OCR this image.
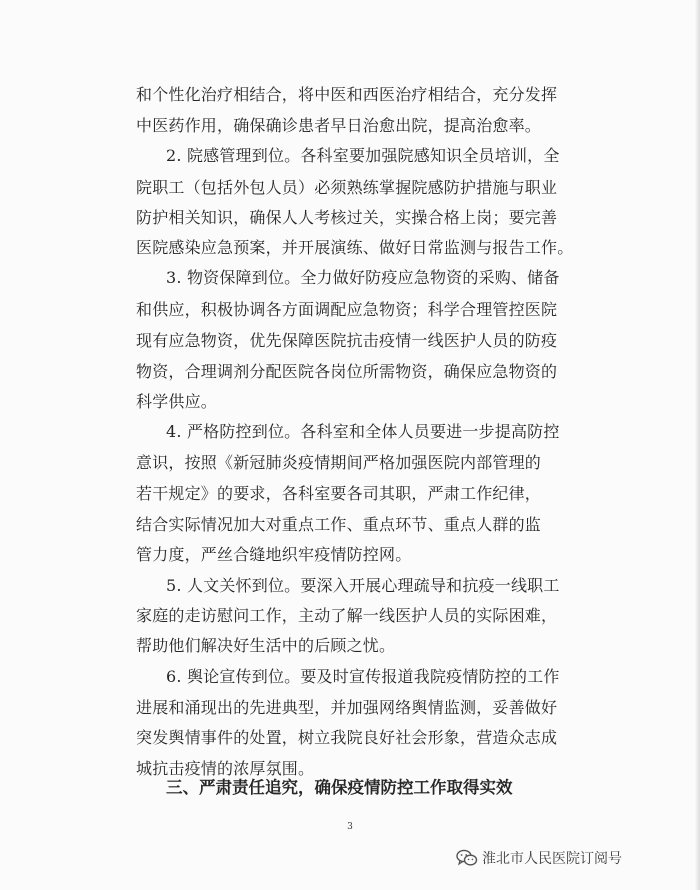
和个性化治疗相结合，将中医和西医治疗相结合，充分发挥
中医药作用，确保确诊患者早日治愈出院，提高治愈率。
2. 院感管理到位。各科室要加强院感知识全员培训，全
院职工（包括外包人员）必须熟练掌握院感防护措施与职业
防护相关知识，确保人人考核过关，实操合格上岗；要完善
医院感染应急预案，并开展演练、做好日常监测与报告工作。
3. 物资保障到位。全力做好防疫应急物资的采购、储备
和供应，积极协调各方面调配应急物资；科学合理管控医院
现有应急物资，优先保障医院抗击疫情一线医护人员的防疫
物资，合理调剂分配医院各岗位所需物资，确保应急物资的
科学供应。
4. 严格防控到位。各科室和全体人员要进一步提高防控
意识，按照《新冠肺炎疫情期间严格加强医院内部管理的
若干规定》的要求，各科室要各司其职，严肃工作纪律，
结合实际情况加大对重点工作、重点环节、重点人群的监
管力度，严丝合缝地织牢疫情防控网。
5. 人文关怀到位。要深入开展心理疏导和抗疫一线职工
家庭的走访慰问工作，主动了解一线医护人员的实际困难，
帮助他们解决好生活中的后顾之忧。
6. 舆论宣传到位。要及时宣传报道我院疫情防控的工作
进展和涌现出的先进典型，并加强网络舆情监测，妥善做好
突发舆情事件的处置，树立我院良好社会形象，营造众志成
城抗击疫情的浓厚氛围。
三、严肃责任追究，确保疫情防控工作取得实效
3
淮北市人民医院订阅号
